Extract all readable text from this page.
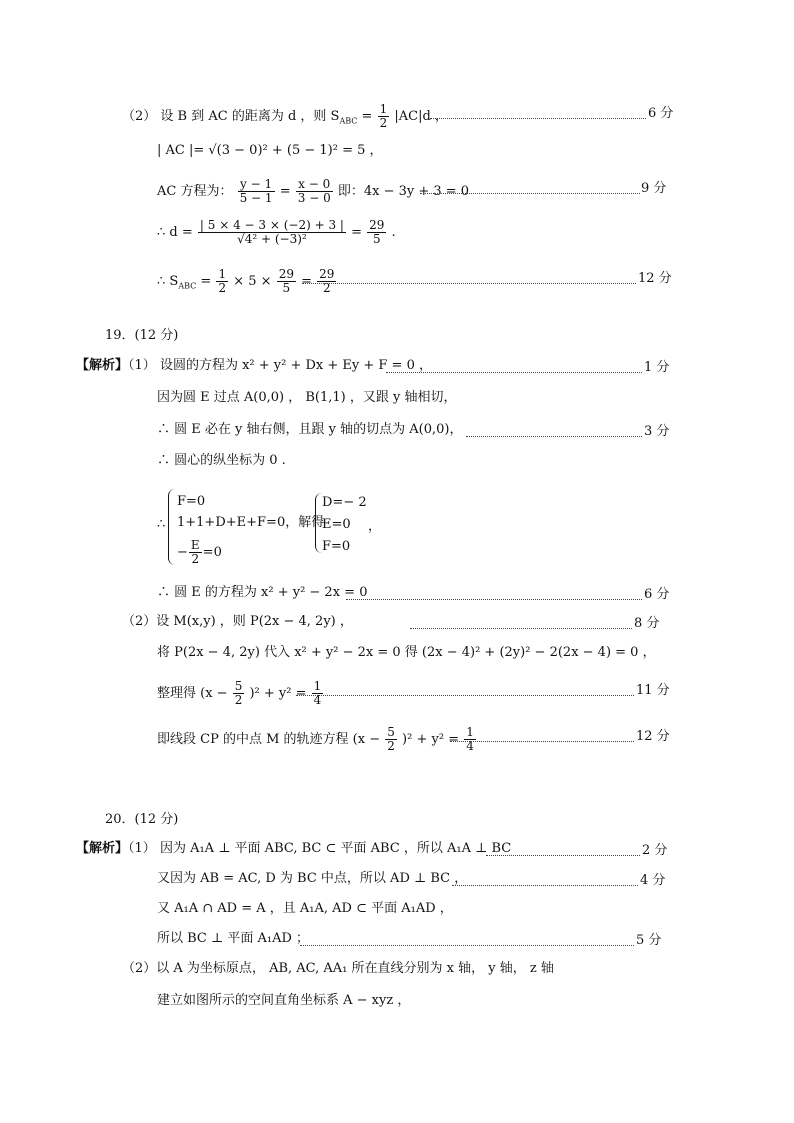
（2） 设 B 到 AC 的距离为 d ，则 $S_{ABC} = \frac{1}{2} |AC|d$ ，	6 分
| AC |= √(3 − 0)² + (5 − 1)² = 5 ，
AC 方程为： $\frac{y - 1}{5 - 1} = \frac{x - 0}{3 - 0}$ 即：4x − 3y + 3 = 0	9 分
∴ $d = \frac{| 5 \times 4 - 3 \times (-2) + 3 |}{\text{√4² + (−3)²}} = \frac{29}{5}$ .
∴ $S_{ABC} = \frac{1}{2} \times 5 \times \frac{29}{5} = \frac{29}{2}$	12 分
19．(12 分)
【解析】（1） 设圆的方程为 x² + y² + Dx + Ey + F = 0 ，	1 分
因为圆 E 过点 A(0,0) ， B(1,1) ，又跟 y 轴相切，
∴ 圆 E 必在 y 轴右侧，且跟 y 轴的切点为 A(0,0)，	3 分
∴ 圆心的纵坐标为 0 .
∴
F=0
1+1+D+E+F=0，解得
− $\frac{E}{2} =0$
D=− 2
E=0
F=0
，
∴ 圆 E 的方程为 x² + y² − 2x = 0	6 分
（2）设 M(x,y) ，则 P(2x − 4, 2y) ，	8 分
将 P(2x − 4, 2y) 代入 x² + y² − 2x = 0 得 (2x − 4)² + (2y)² − 2(2x − 4) = 0 ，
整理得 $(x - \frac{5}{2} )^2 + y^2 = \frac{1}{4}$	11 分
即线段 CP 的中点 M 的轨迹方程 $(x - \frac{5}{2} )^2 + y^2 = \frac{1}{4}$	12 分
20．(12 分)
【解析】（1） 因为 A₁A ⊥ 平面 ABC, BC ⊂ 平面 ABC ，所以 A₁A ⊥ BC	2 分
又因为 AB = AC, D 为 BC 中点，所以 AD ⊥ BC ，	4 分
又 A₁A ∩ AD = A ，且 A₁A, AD ⊂ 平面 A₁AD ，
所以 BC ⊥ 平面 A₁AD ；	5 分
（2）以 A 为坐标原点， AB, AC, AA₁ 所在直线分别为 x 轴， y 轴， z 轴
建立如图所示的空间直角坐标系 A − xyz ，
